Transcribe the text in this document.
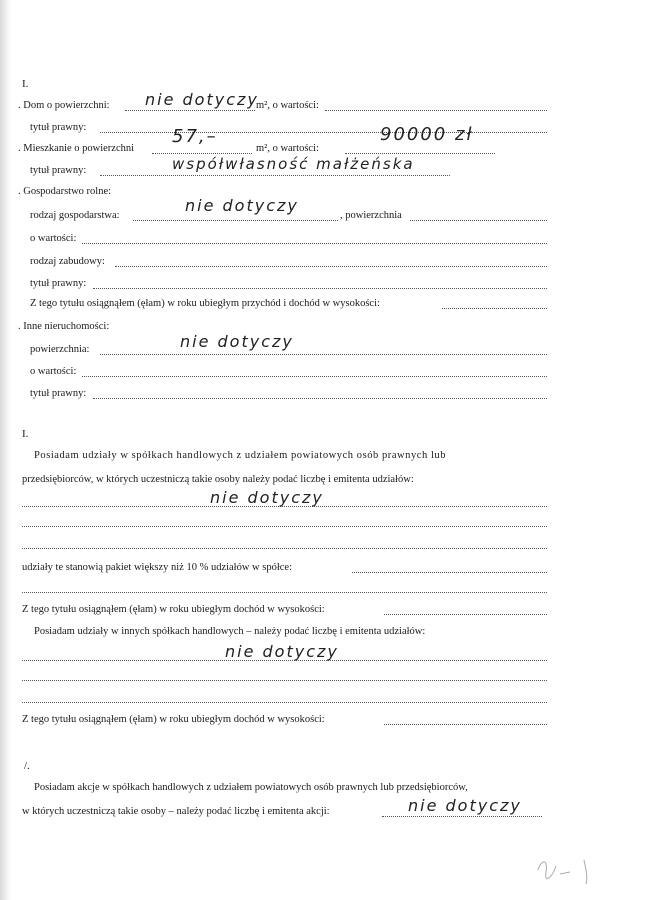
I.
. Dom o powierzchni: nie dotyczy
m², o wartości:
tytuł prawny:
. Mieszkanie o powierzchni
57,–
m², o wartości:
90000 zł
tytuł prawny:	współwłasność małżeńska
. Gospodarstwo rolne:
rodzaj gospodarstwa:
nie dotyczy
, powierzchnia
o wartości:
rodzaj zabudowy:
tytuł prawny:
Z tego tytułu osiągnąłem (ęłam) w roku ubiegłym przychód i dochód w wysokości:
. Inne nieruchomości:
powierzchnia:	nie dotyczy
o wartości:
tytuł prawny:
I.
Posiadam udziały w spółkach handlowych z udziałem powiatowych osób prawnych lub
przedsiębiorców, w których uczestniczą takie osoby należy podać liczbę i emitenta udziałów:
nie dotyczy
udziały te stanowią pakiet większy niż 10 % udziałów w spółce:
Z tego tytułu osiągnąłem (ęłam) w roku ubiegłym dochód w wysokości:
Posiadam udziały w innych spółkach handlowych – należy podać liczbę i emitenta udziałów:
nie dotyczy
Z tego tytułu osiągnąłem (ęłam) w roku ubiegłym dochód w wysokości:
/.
Posiadam akcje w spółkach handlowych z udziałem powiatowych osób prawnych lub przedsiębiorców,
w których uczestniczą takie osoby – należy podać liczbę i emitenta akcji:	nie dotyczy
